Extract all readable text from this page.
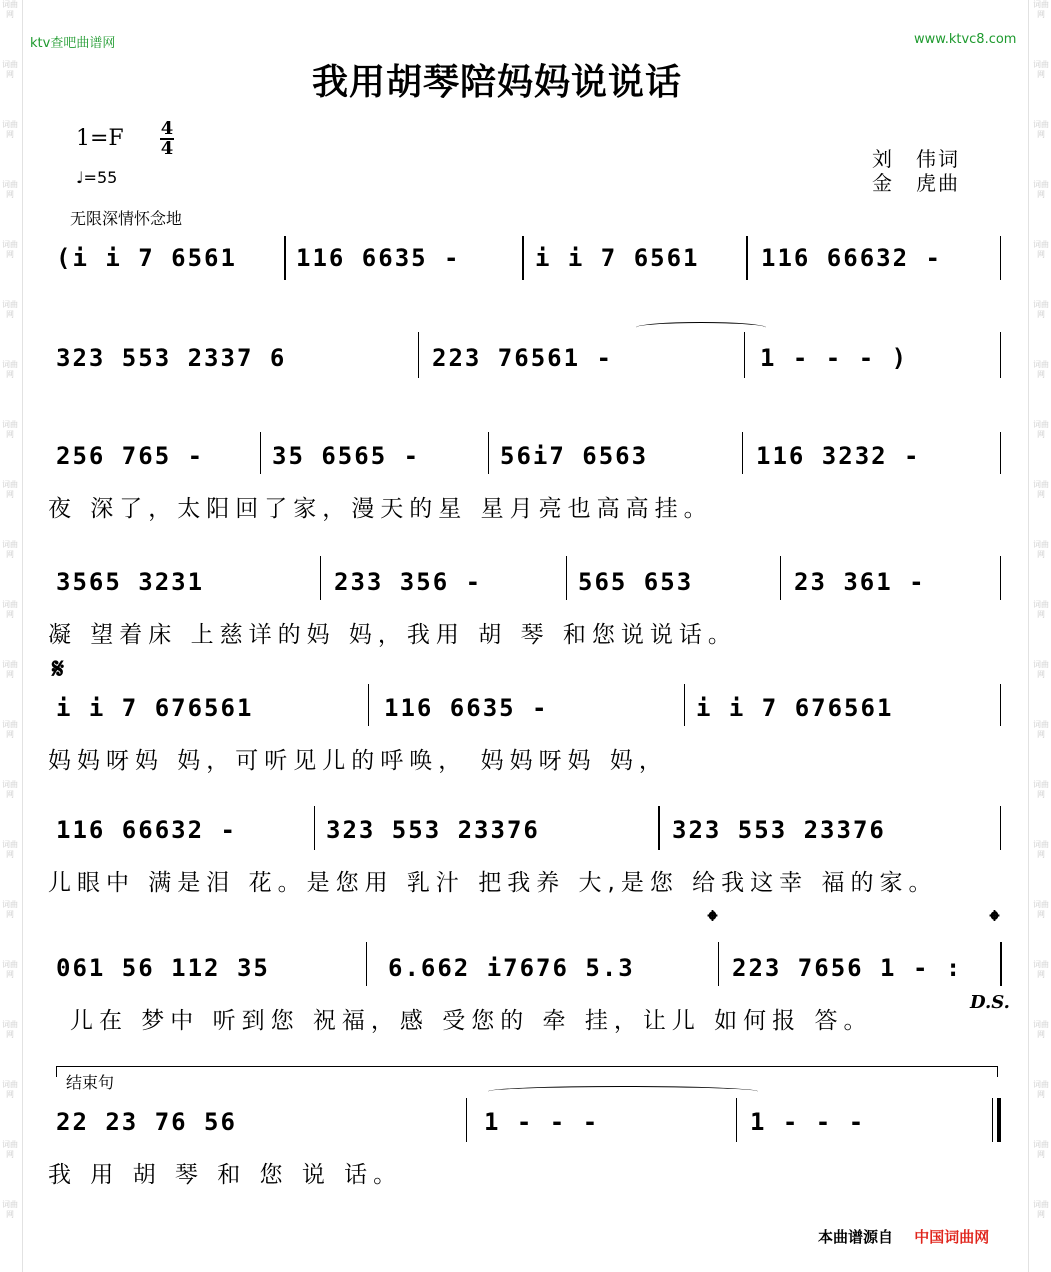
词曲网
词曲网
词曲网
词曲网
词曲网
词曲网
词曲网
词曲网
词曲网
词曲网
词曲网
词曲网
词曲网
词曲网
词曲网
词曲网
词曲网
词曲网
词曲网
词曲网
词曲网
词曲网
词曲网
词曲网
词曲网
词曲网
词曲网
词曲网
词曲网
词曲网
词曲网
词曲网
词曲网
词曲网
词曲网
词曲网
词曲网
词曲网
词曲网
词曲网
词曲网
词曲网
ktv查吧曲谱网	www.ktvc8.com
我用胡琴陪妈妈说说话
1=F 4
4
♩=55
无限深情怀念地
刘　伟词
金　虎曲
(i i 7 6561 116 6635 -	i i 7 6561	116 66632 -
323 553 2337 6	223 76561 -	1 - - - )
256 765 -	35 6565 -	56i7 6563	116 3232 -
夜 深了，太阳回了家，漫天的星 星月亮也高高挂。
3565 3231	233 356 -	565 653	23 361 -
凝 望着床 上慈详的妈 妈，我用 胡 琴 和您说说话。
𝄋
i i 7 676561	116 6635 -	i i 7 676561
妈妈呀妈 妈，可听见儿的呼唤， 妈妈呀妈 妈，
116 66632 -	323 553 23376	323 553 23376
儿眼中 满是泪 花。是您用 乳汁 把我养 大,是您 给我这幸 福的家。
𝄌	𝄌
061 56 112 35	6.662 i7676 5.3	223 7656 1 - :
儿在 梦中 听到您 祝福，感 受您的 牵 挂，让儿 如何报 答。
D.S.
结束句
22 23 76 56	1 - - -	1 - - -
我 用 胡 琴 和 您 说 话。
本曲谱源自 中国词曲网
